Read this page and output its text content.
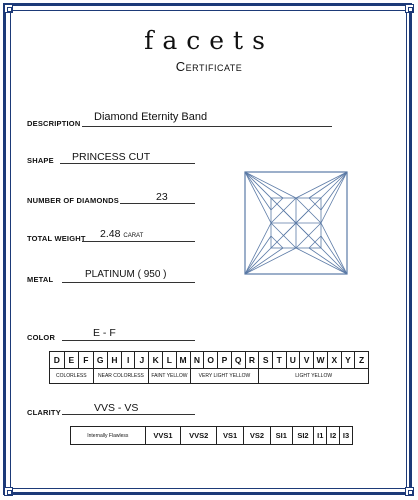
facets
Certificate
DESCRIPTION
Diamond Eternity Band
SHAPE PRINCESS CUT
NUMBER OF DIAMONDS	23
TOTAL WEIGHT 2.48 CARAT
METAL	PLATINUM ( 950 )
COLOR	E - F
D	E	F	G	H	I	J	K	L	M	N	O	P	Q	R	S	T	U	V	W	X	Y	Z
COLORLESS			NEAR COLORLESS				FAINT YELLOW			VERY LIGHT YELLOW					LIGHT YELLOW							
CLARITY	VVS - VS
Internally Flawless	VVS1	VVS2	VS1	VS2	SI1	SI2	I1	I2	I3
